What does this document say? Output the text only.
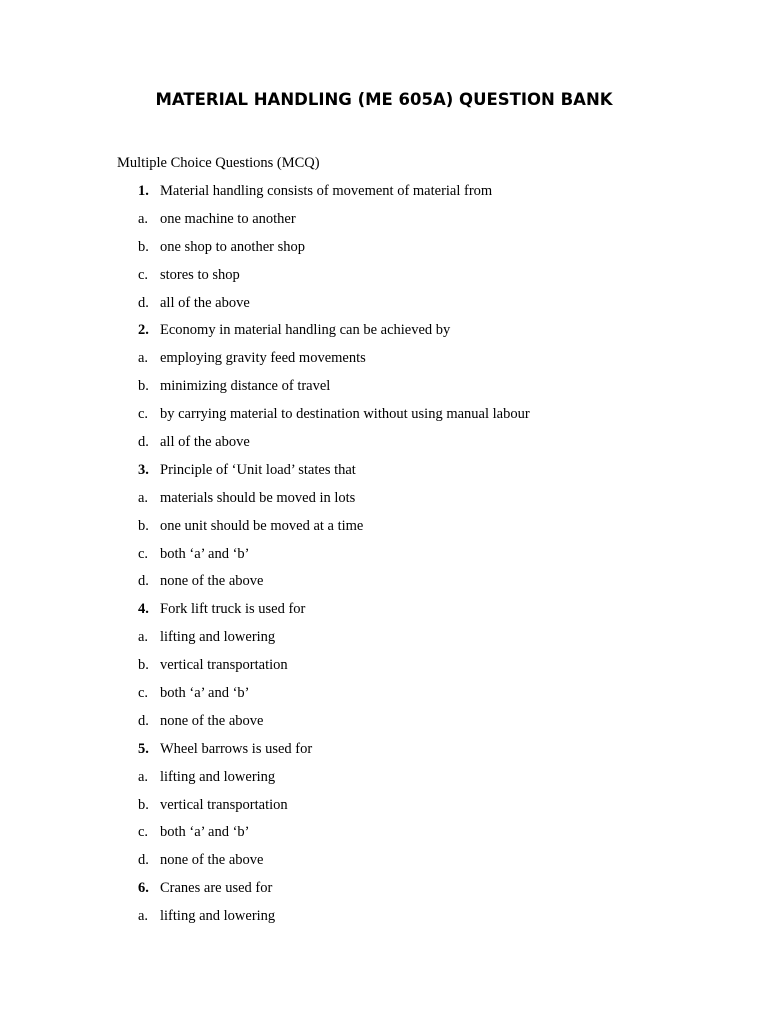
MATERIAL HANDLING (ME 605A) QUESTION BANK
Multiple Choice Questions (MCQ)
1. Material handling consists of movement of material from
a. one machine to another
b. one shop to another shop
c. stores to shop
d. all of the above
2. Economy in material handling can be achieved by
a. employing gravity feed movements
b. minimizing distance of travel
c. by carrying material to destination without using manual labour
d. all of the above
3. Principle of ‘Unit load’ states that
a. materials should be moved in lots
b. one unit should be moved at a time
c. both ‘a’ and ‘b’
d. none of the above
4. Fork lift truck is used for
a. lifting and lowering
b. vertical transportation
c. both ‘a’ and ‘b’
d. none of the above
5. Wheel barrows is used for
a. lifting and lowering
b. vertical transportation
c. both ‘a’ and ‘b’
d. none of the above
6. Cranes are used for
a. lifting and lowering
